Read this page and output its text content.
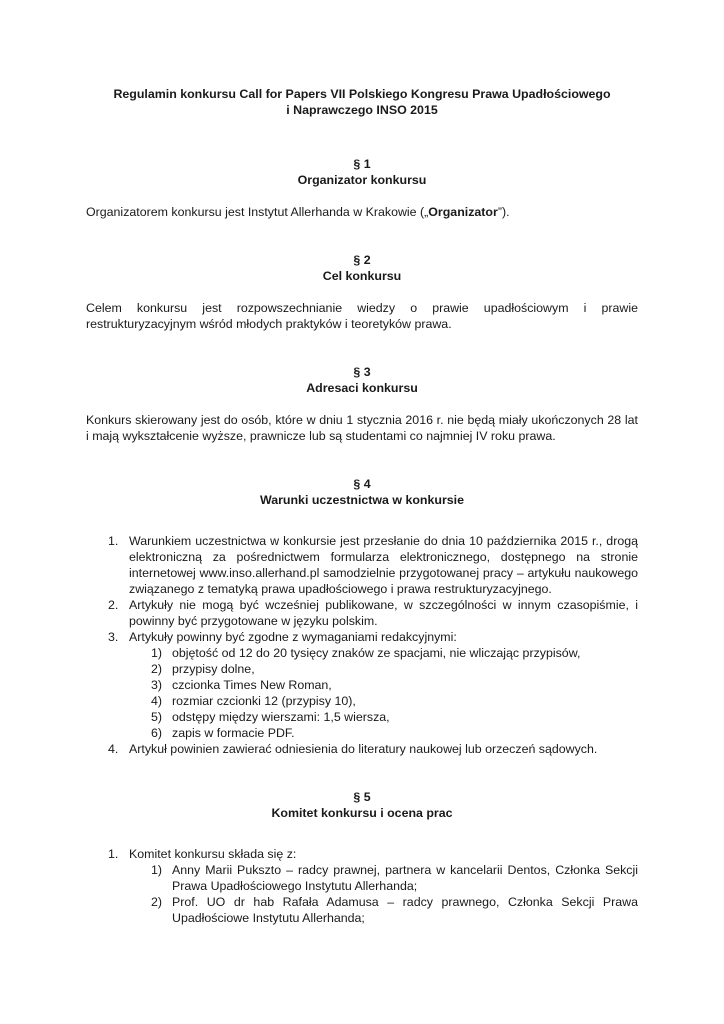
Regulamin konkursu Call for Papers VII Polskiego Kongresu Prawa Upadłościowego
i Naprawczego INSO 2015
§ 1
Organizator konkursu

Organizatorem konkursu jest Instytut Allerhanda w Krakowie („Organizator”).

§ 2
Cel konkursu

Celem konkursu jest rozpowszechnianie wiedzy o prawie upadłościowym i prawie restrukturyzacyjnym wśród młodych praktyków i teoretyków prawa.

§ 3
Adresaci konkursu

Konkurs skierowany jest do osób, które w dniu 1 stycznia 2016 r. nie będą miały ukończonych 28 lat i mają wykształcenie wyższe, prawnicze lub są studentami co najmniej IV roku prawa.

§ 4
Warunki uczestnictwa w konkursie
1. Warunkiem uczestnictwa w konkursie jest przesłanie do dnia 10 października 2015 r., drogą elektroniczną za pośrednictwem formularza elektronicznego, dostępnego na stronie internetowej www.inso.allerhand.pl samodzielnie przygotowanej pracy – artykułu naukowego związanego z tematyką prawa upadłościowego i prawa restrukturyzacyjnego.
2. Artykuły nie mogą być wcześniej publikowane, w szczególności w innym czasopiśmie, i powinny być przygotowane w języku polskim.
3. Artykuły powinny być zgodne z wymaganiami redakcyjnymi:
1) objętość od 12 do 20 tysięcy znaków ze spacjami, nie wliczając przypisów,
2) przypisy dolne,
3) czcionka Times New Roman,
4) rozmiar czcionki 12 (przypisy 10),
5) odstępy między wierszami: 1,5 wiersza,
6) zapis w formacie PDF.
4. Artykuł powinien zawierać odniesienia do literatury naukowej lub orzeczeń sądowych.
§ 5
Komitet konkursu i ocena prac
1. Komitet konkursu składa się z:
1) Anny Marii Pukszto – radcy prawnej, partnera w kancelarii Dentos, Członka Sekcji Prawa Upadłościowego Instytutu Allerhanda;
2) Prof. UO dr hab Rafała Adamusa – radcy prawnego, Członka Sekcji Prawa Upadłościowe Instytutu Allerhanda;
